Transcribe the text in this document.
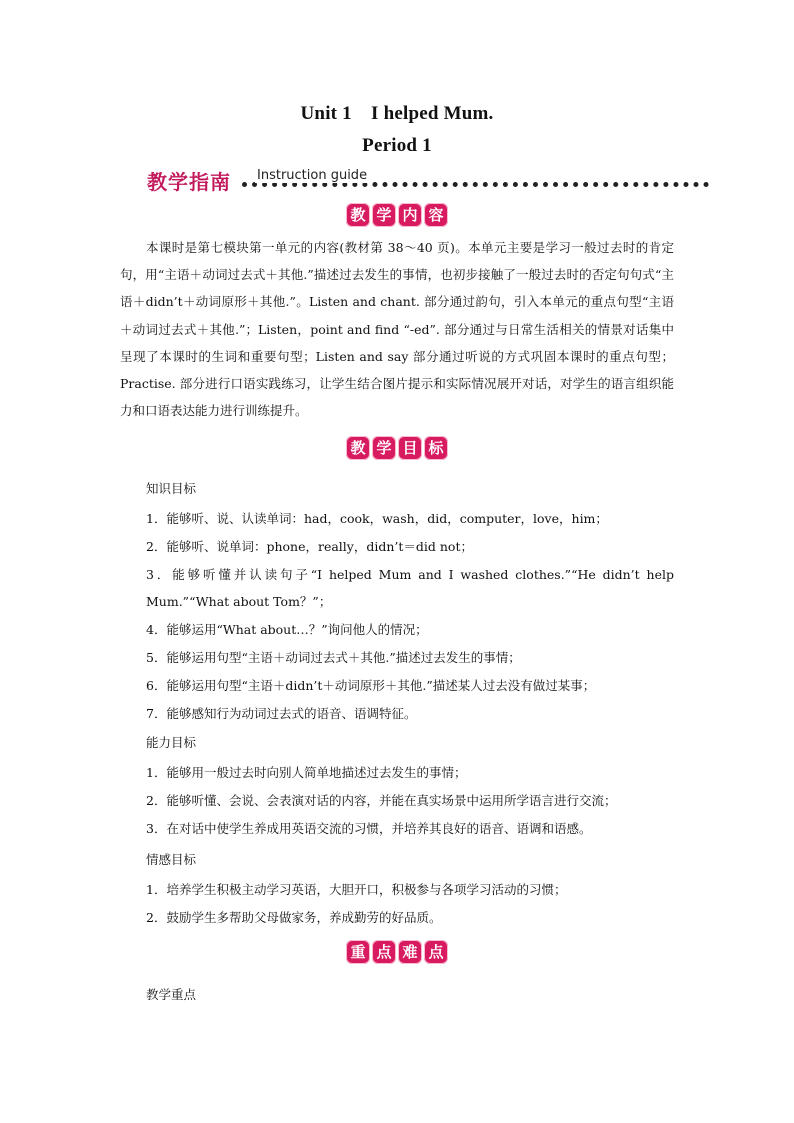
Unit 1　I helped Mum.
Period 1
教学指南 Instruction guide
教 学 内 容

本课时是第七模块第一单元的内容(教材第 38～40 页)。本单元主要是学习一般过去时的肯定句，用“主语＋动词过去式＋其他.”描述过去发生的事情，也初步接触了一般过去时的否定句句式“主语＋didn’t＋动词原形＋其他.”。Listen and chant. 部分通过韵句，引入本单元的重点句型“主语＋动词过去式＋其他.”；Listen，point and find “-ed”. 部分通过与日常生活相关的情景对话集中呈现了本课时的生词和重要句型；Listen and say 部分通过听说的方式巩固本课时的重点句型；Practise. 部分进行口语实践练习，让学生结合图片提示和实际情况展开对话，对学生的语言组织能力和口语表达能力进行训练提升。

教 学 目 标
知识目标

1．能够听、说、认读单词：had，cook，wash，did，computer，love，him；

2．能够听、说单词：phone，really，didn’t＝did not；

3．能够听懂并认读句子“I helped Mum and I washed clothes.”“He didn’t help Mum.”“What about Tom？”；

4．能够运用“What about…？”询问他人的情况；

5．能够运用句型“主语＋动词过去式＋其他.”描述过去发生的事情；

6．能够运用句型“主语＋didn’t＋动词原形＋其他.”描述某人过去没有做过某事；

7．能够感知行为动词过去式的语音、语调特征。

能力目标

1．能够用一般过去时向别人简单地描述过去发生的事情；

2．能够听懂、会说、会表演对话的内容，并能在真实场景中运用所学语言进行交流；

3．在对话中使学生养成用英语交流的习惯，并培养其良好的语音、语调和语感。

情感目标

1．培养学生积极主动学习英语，大胆开口，积极参与各项学习活动的习惯；

2．鼓励学生多帮助父母做家务，养成勤劳的好品质。

重 点 难 点
教学重点
